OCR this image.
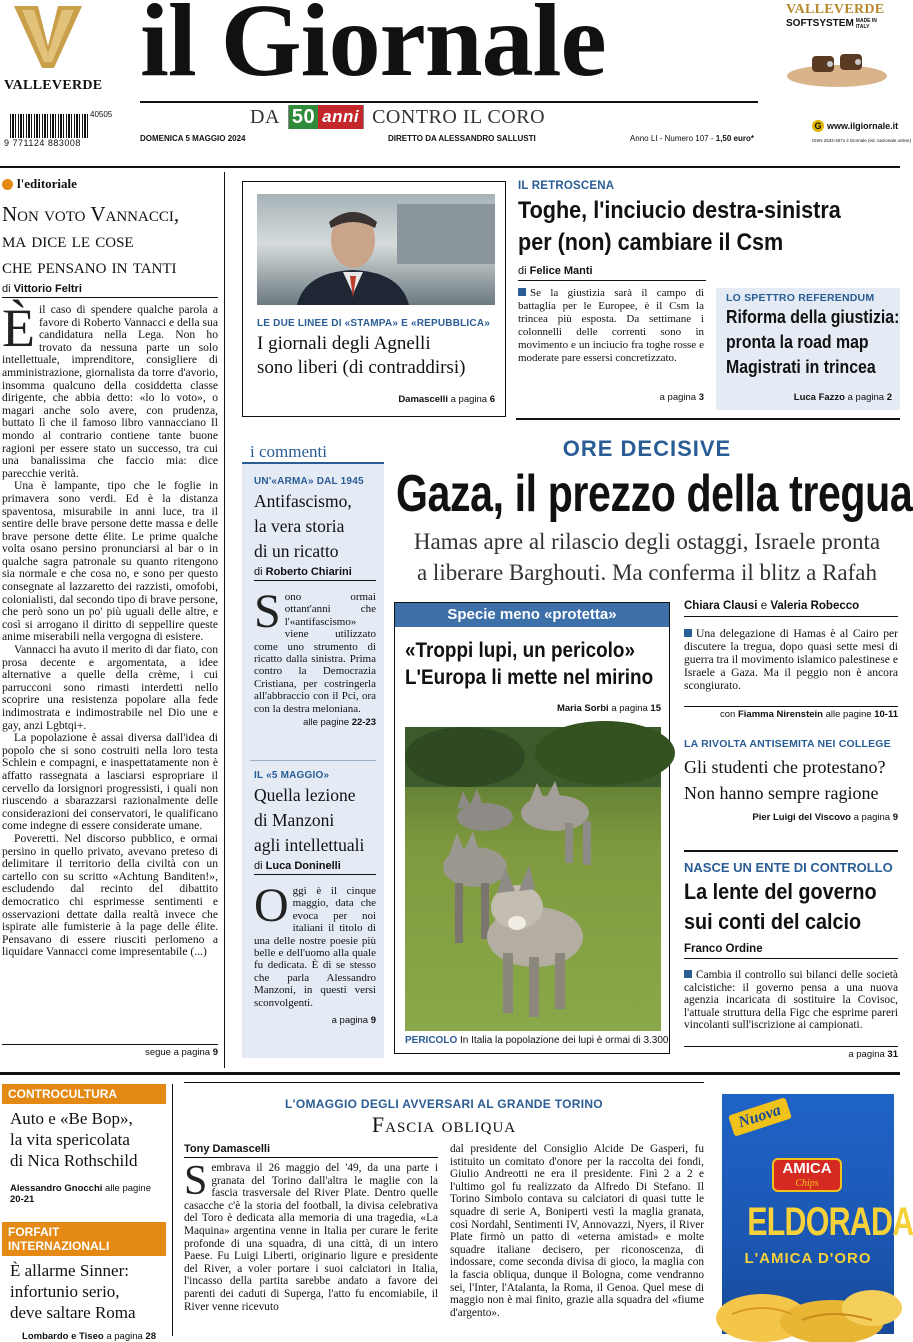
VALLEVERDE il Giornale
DA 50 anni CONTRO IL CORO
40505
9 771124 883008	DOMENICA 5 MAGGIO 2024	DIRETTO DA ALESSANDRO SALLUSTI	Anno LI - Numero 107 - 1,50 euro*
VALLEVERDE
SOFTSYSTEM MADE IN ITALY
G www.ilgiornale.it
ISSN 2532-4071 il Giornale (ed. nazionale online)
l'editoriale
Non voto Vannacci,
ma dice le cose
che pensano in tanti
di Vittorio Feltri
È il caso di spendere qualche parola a favore di Roberto Vannacci e della sua candidatura nella Lega. Non ho trovato da nessuna parte un solo intellettuale, imprenditore, consigliere di amministrazione, giornalista da torre d'avorio, insomma qualcuno della cosiddetta classe dirigente, che abbia detto: «lo lo voto», o magari anche solo avere, con prudenza, buttato lì che il famoso libro vannacciano Il mondo al contrario contiene tante buone ragioni per essere stato un successo, tra cui una banalissima che faccio mia: dice parecchie verità.

Una è lampante, tipo che le foglie in primavera sono verdi. Ed è la distanza spaventosa, misurabile in anni luce, tra il sentire delle brave persone dette massa e delle brave persone dette élite. Le prime qualche volta osano persino pronunciarsi al bar o in qualche sagra patronale su quanto ritengono sia normale e che cosa no, e sono per questo consegnate al lazzaretto dei razzisti, omofobi, colonialisti, dal secondo tipo di brave persone, che però sono un po' più uguali delle altre, e così si arrogano il diritto di seppellire queste anime miserabili nella vergogna di esistere.

Vannacci ha avuto il merito di dar fiato, con prosa decente e argomentata, a idee alternative a quelle della crème, i cui parrucconi sono rimasti interdetti nello scoprire una resistenza popolare alla fede indimostrata e indimostrabile nel Dio une e gay, anzi Lgbtqi+.

La popolazione è assai diversa dall'idea di popolo che si sono costruiti nella loro testa Schlein e compagni, e inaspettatamente non è affatto rassegnata a lasciarsi espropriare il cervello da lorsignori progressisti, i quali non riuscendo a sbarazzarsi razionalmente delle considerazioni dei conservatori, le qualificano come indegne di essere considerate umane.

Poveretti. Nel discorso pubblico, e ormai persino in quello privato, avevano preteso di delimitare il territorio della civiltà con un cartello con su scritto «Achtung Banditen!», escludendo dal recinto del dibattito democratico chi esprimesse sentimenti e osservazioni dettate dalla realtà invece che ispirate alle fumisterie à la page delle élite. Pensavano di essere riusciti perlomeno a liquidare Vannacci come impresentabile (...)

segue a pagina 9
LE DUE LINEE DI «STAMPA» E «REPUBBLICA»
I giornali degli Agnelli
sono liberi (di contraddirsi)
Damascelli a pagina 6
IL RETROSCENA
Toghe, l'inciucio destra-sinistra
per (non) cambiare il Csm
di Felice Manti
Se la giustizia sarà il campo di battaglia per le Europee, è il Csm la trincea più esposta. Da settimane i colonnelli delle correnti sono in movimento e un inciucio fra toghe rosse e moderate pare essersi concretizzato.
a pagina 3
LO SPETTRO REFERENDUM
Riforma della giustizia:
pronta la road map
Magistrati in trincea
Luca Fazzo a pagina 2
i commenti
UN'«ARMA» DAL 1945
Antifascismo,
la vera storia
di un ricatto
di Roberto Chiarini
Sono ormai ottant'anni che l'«antifascismo» viene utilizzato come uno strumento di ricatto dalla sinistra. Prima contro la Democrazia Cristiana, per costringerla all'abbraccio con il Pci, ora con la destra meloniana.
alle pagine 22-23
IL «5 MAGGIO»
Quella lezione
di Manzoni
agli intellettuali
di Luca Doninelli
Oggi è il cinque maggio, data che evoca per noi italiani il titolo di una delle nostre poesie più belle e dell'uomo alla quale fu dedicata. È di se stesso che parla Alessandro Manzoni, in questi versi sconvolgenti.
a pagina 9
ORE DECISIVE
Gaza, il prezzo della tregua
Hamas apre al rilascio degli ostaggi, Israele pronta
a liberare Barghouti. Ma conferma il blitz a Rafah
Specie meno «protetta»
«Troppi lupi, un pericolo»
L'Europa li mette nel mirino
Maria Sorbi a pagina 15
PERICOLO In Italia la popolazione dei lupi è ormai di 3.300
Chiara Clausi e Valeria Robecco
Una delegazione di Hamas è al Cairo per discutere la tregua, dopo quasi sette mesi di guerra tra il movimento islamico palestinese e Israele a Gaza. Ma il peggio non è ancora scongiurato.
con Fiamma Nirenstein alle pagine 10-11
LA RIVOLTA ANTISEMITA NEI COLLEGE
Gli studenti che protestano?
Non hanno sempre ragione
Pier Luigi del Viscovo a pagina 9
NASCE UN ENTE DI CONTROLLO
La lente del governo
sui conti del calcio
Franco Ordine
Cambia il controllo sui bilanci delle società calcistiche: il governo pensa a una nuova agenzia incaricata di sostituire la Covisoc, l'attuale struttura della Figc che esprime pareri vincolanti sull'iscrizione ai campionati.
a pagina 31
CONTROCULTURA
Auto e «Be Bop»,
la vita spericolata
di Nica Rothschild
Alessandro Gnocchi alle pagine 20-21
FORFAIT INTERNAZIONALI
È allarme Sinner:
infortunio serio,
deve saltare Roma
Lombardo e Tiseo a pagina 28
L'OMAGGIO DEGLI AVVERSARI AL GRANDE TORINO
Fascia obliqua
Tony Damascelli
Sembrava il 26 maggio del '49, da una parte i granata del Torino dall'altra le maglie con la fascia trasversale del River Plate. Dentro quelle casacche c'è la storia del football, la divisa celebrativa del Toro è dedicata alla memoria di una tragedia, «La Maquina» argentina venne in Italia per curare le ferite profonde di una squadra, di una città, di un intero Paese. Fu Luigi Liberti, originario ligure e presidente del River, a voler portare i suoi calciatori in Italia, l'incasso della partita sarebbe andato a favore dei parenti dei caduti di Superga, l'atto fu encomiabile, il River venne ricevuto
dal presidente del Consiglio Alcide De Gasperi, fu istituito un comitato d'onore per la raccolta dei fondi, Giulio Andreotti ne era il presidente. Finì 2 a 2 e l'ultimo gol fu realizzato da Alfredo Di Stefano. Il Torino Simbolo contava su calciatori di quasi tutte le squadre di serie A, Boniperti vestì la maglia granata, così Nordahl, Sentimenti IV, Annovazzi, Nyers, il River Plate firmò un patto di «eterna amistad» e molte squadre italiane decisero, per riconoscenza, di indossare, come seconda divisa di gioco, la maglia con la fascia obliqua, dunque il Bologna, come vendranno sei, l'Inter, l'Atalanta, la Roma, il Genoa. Quel mese di maggio non è mai finito, grazie alla squadra del «fiume d'argento».
Nuova
AMICA
Chips
ELDORADA
L'AMICA D'ORO
